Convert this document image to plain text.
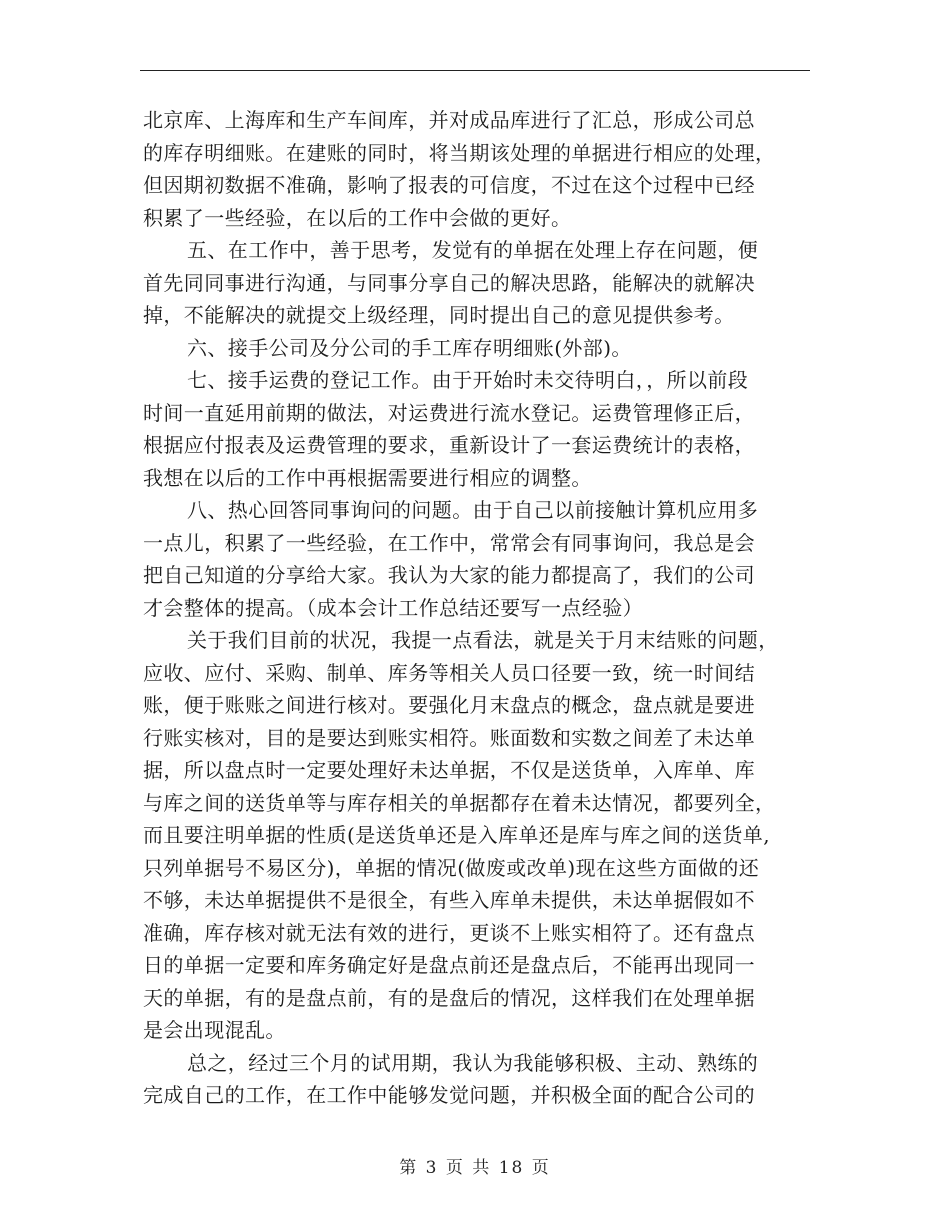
北京库、上海库和生产车间库，并对成品库进行了汇总，形成公司总
的库存明细账。在建账的同时，将当期该处理的单据进行相应的处理，
但因期初数据不准确，影响了报表的可信度，不过在这个过程中已经
积累了一些经验，在以后的工作中会做的更好。
五、在工作中，善于思考，发觉有的单据在处理上存在问题，便
首先同同事进行沟通，与同事分享自己的解决思路，能解决的就解决
掉，不能解决的就提交上级经理，同时提出自己的意见提供参考。
六、接手公司及分公司的手工库存明细账(外部)。
七、接手运费的登记工作。由于开始时未交待明白，，所以前段
时间一直延用前期的做法，对运费进行流水登记。运费管理修正后，
根据应付报表及运费管理的要求，重新设计了一套运费统计的表格，
我想在以后的工作中再根据需要进行相应的调整。
八、热心回答同事询问的问题。由于自己以前接触计算机应用多
一点儿，积累了一些经验，在工作中，常常会有同事询问，我总是会
把自己知道的分享给大家。我认为大家的能力都提高了，我们的公司
才会整体的提高。（成本会计工作总结还要写一点经验）
关于我们目前的状况，我提一点看法，就是关于月末结账的问题，
应收、应付、采购、制单、库务等相关人员口径要一致，统一时间结
账，便于账账之间进行核对。要强化月末盘点的概念，盘点就是要进
行账实核对，目的是要达到账实相符。账面数和实数之间差了未达单
据，所以盘点时一定要处理好未达单据，不仅是送货单，入库单、库
与库之间的送货单等与库存相关的单据都存在着未达情况，都要列全，
而且要注明单据的性质(是送货单还是入库单还是库与库之间的送货单,
只列单据号不易区分)，单据的情况(做废或改单)现在这些方面做的还
不够，未达单据提供不是很全，有些入库单未提供，未达单据假如不
准确，库存核对就无法有效的进行，更谈不上账实相符了。还有盘点
日的单据一定要和库务确定好是盘点前还是盘点后，不能再出现同一
天的单据，有的是盘点前，有的是盘后的情况，这样我们在处理单据
是会出现混乱。
总之，经过三个月的试用期，我认为我能够积极、主动、熟练的
完成自己的工作，在工作中能够发觉问题，并积极全面的配合公司的
第 3 页 共 18 页
